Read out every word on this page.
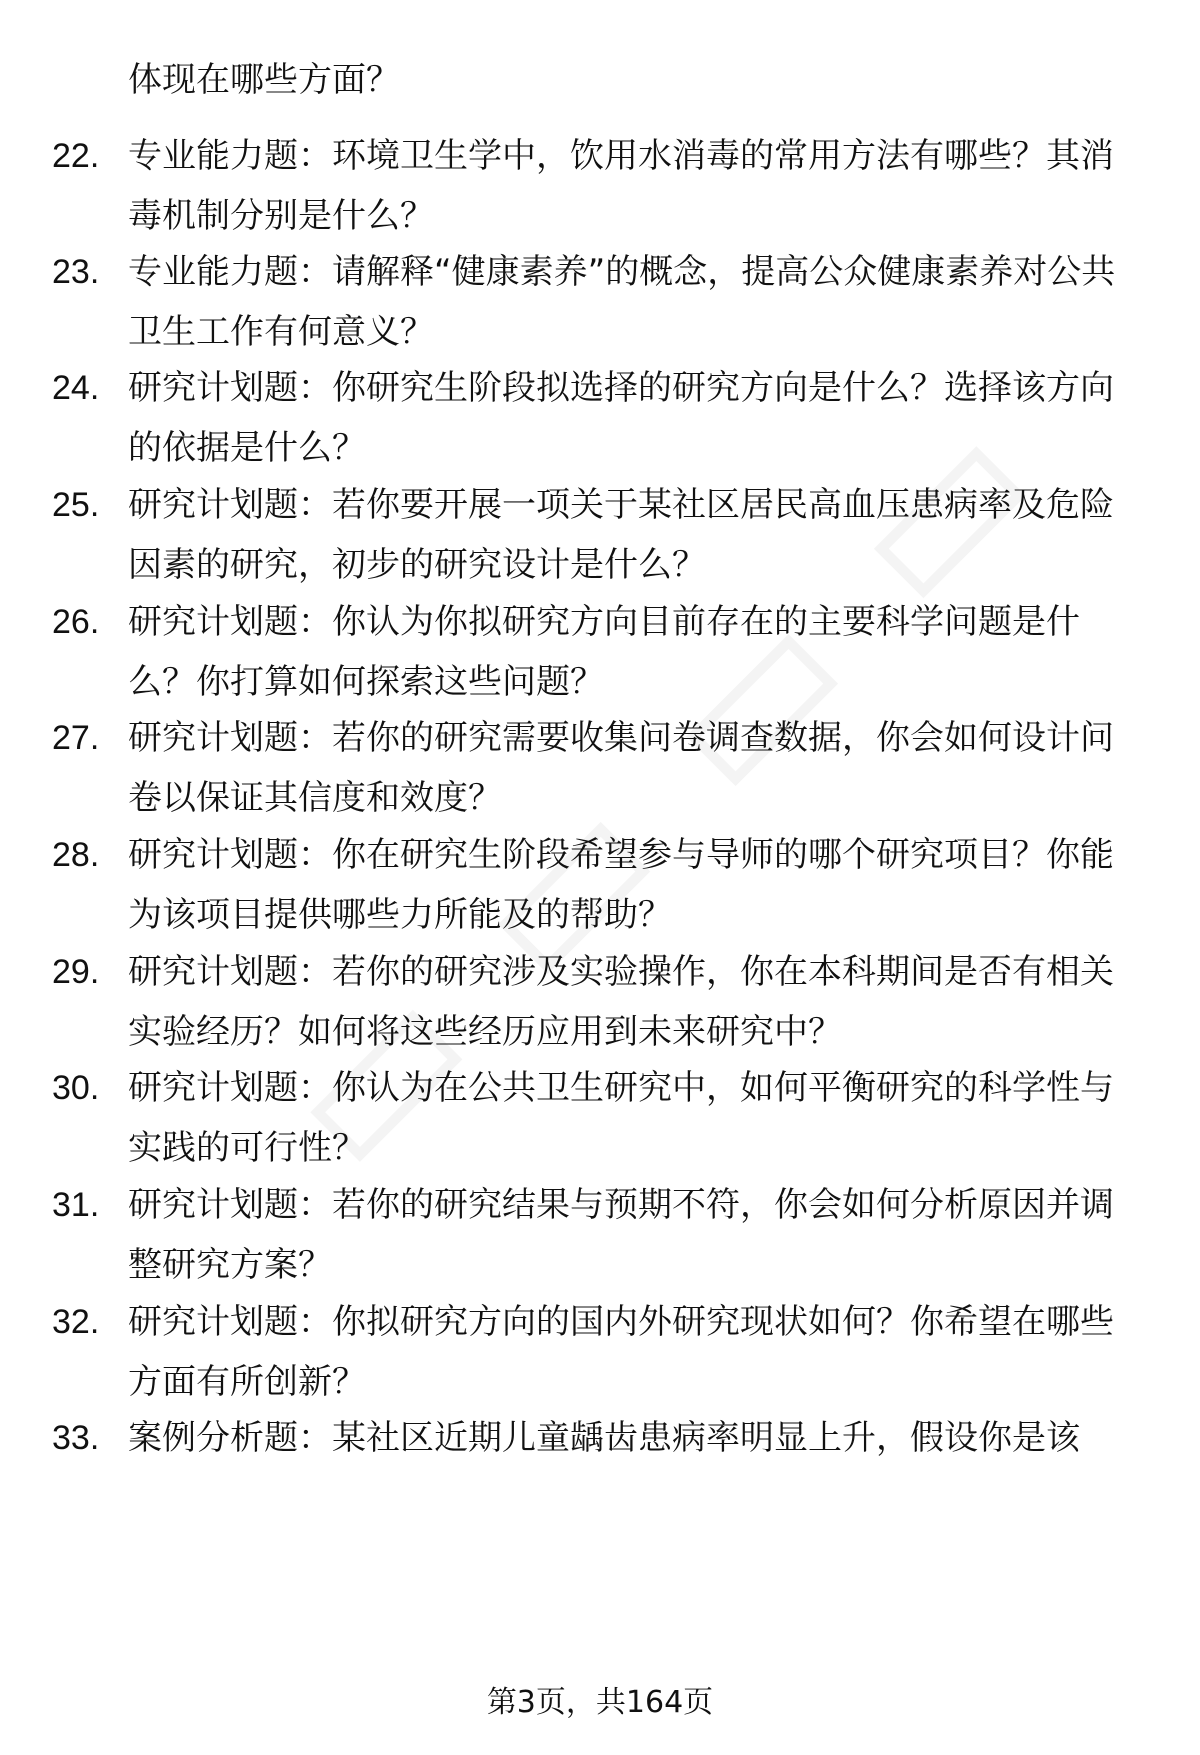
体现在哪些方面？
22. 专业能力题：环境卫生学中，饮用水消毒的常用方法有哪些？其消毒机制分别是什么？
23. 专业能力题：请解释“健康素养”的概念，提高公众健康素养对公共卫生工作有何意义？
24. 研究计划题：你研究生阶段拟选择的研究方向是什么？选择该方向的依据是什么？
25. 研究计划题：若你要开展一项关于某社区居民高血压患病率及危险因素的研究，初步的研究设计是什么？
26. 研究计划题：你认为你拟研究方向目前存在的主要科学问题是什么？你打算如何探索这些问题？
27. 研究计划题：若你的研究需要收集问卷调查数据，你会如何设计问卷以保证其信度和效度？
28. 研究计划题：你在研究生阶段希望参与导师的哪个研究项目？你能为该项目提供哪些力所能及的帮助？
29. 研究计划题：若你的研究涉及实验操作，你在本科期间是否有相关实验经历？如何将这些经历应用到未来研究中？
30. 研究计划题：你认为在公共卫生研究中，如何平衡研究的科学性与实践的可行性？
31. 研究计划题：若你的研究结果与预期不符，你会如何分析原因并调整研究方案？
32. 研究计划题：你拟研究方向的国内外研究现状如何？你希望在哪些方面有所创新？
33. 案例分析题：某社区近期儿童龋齿患病率明显上升，假设你是该
第3页，共164页
